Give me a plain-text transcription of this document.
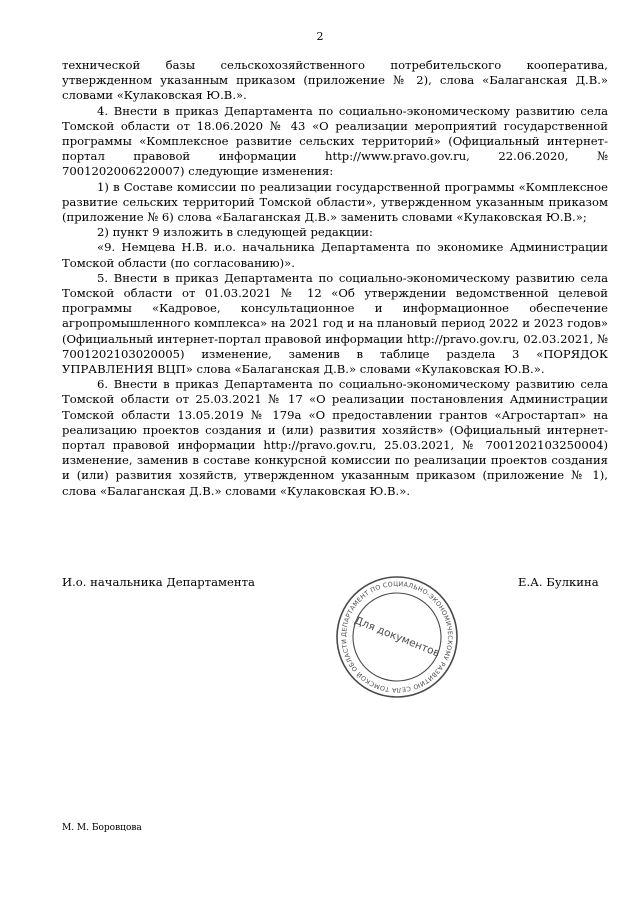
2

технической базы сельскохозяйственного потребительского кооператива, утвержденном указанным приказом (приложение № 2), слова «Балаганская Д.В.» словами «Кулаковская Ю.В.».

4. Внести в приказ Департамента по социально-экономическому развитию села Томской области от 18.06.2020 № 43 «О реализации мероприятий государственной программы «Комплексное развитие сельских территорий» (Официальный интернет-портал правовой информации http://www.pravo.gov.ru, 22.06.2020, № 7001202006220007) следующие изменения:

1) в Составе комиссии по реализации государственной программы «Комплексное развитие сельских территорий Томской области», утвержденном указанным приказом (приложение № 6) слова «Балаганская Д.В.» заменить словами «Кулаковская Ю.В.»;

2) пункт 9 изложить в следующей редакции:

«9. Немцева Н.В. и.о. начальника Департамента по экономике Администрации Томской области (по согласованию)».

5. Внести в приказ Департамента по социально-экономическому развитию села Томской области от 01.03.2021 № 12 «Об утверждении ведомственной целевой программы «Кадровое, консультационное и информационное обеспечение агропромышленного комплекса» на 2021 год и на плановый период 2022 и 2023 годов» (Официальный интернет-портал правовой информации http://pravo.gov.ru, 02.03.2021, № 7001202103020005) изменение, заменив в таблице раздела 3 «ПОРЯДОК УПРАВЛЕНИЯ ВЦП» слова «Балаганская Д.В.» словами «Кулаковская Ю.В.».

6. Внести в приказ Департамента по социально-экономическому развитию села Томской области от 25.03.2021 № 17 «О реализации постановления Администрации Томской области 13.05.2019 № 179а «О предоставлении грантов «Агростартап» на реализацию проектов создания и (или) развития хозяйств» (Официальный интернет-портал правовой информации http://pravo.gov.ru, 25.03.2021, № 7001202103250004) изменение, заменив в составе конкурсной комиссии по реализации проектов создания и (или) развития хозяйств, утвержденном указанным приказом (приложение № 1), слова «Балаганская Д.В.» словами «Кулаковская Ю.В.».

И.о. начальника Департамента	Е.А. Булкина
ДЕПАРТАМЕНТ ПО СОЦИАЛЬНО-ЭКОНОМИЧЕСКОМУ РАЗВИТИЮ СЕЛА ТОМСКОЙ ОБЛАСТИ Для документов
М. М. Боровцова
